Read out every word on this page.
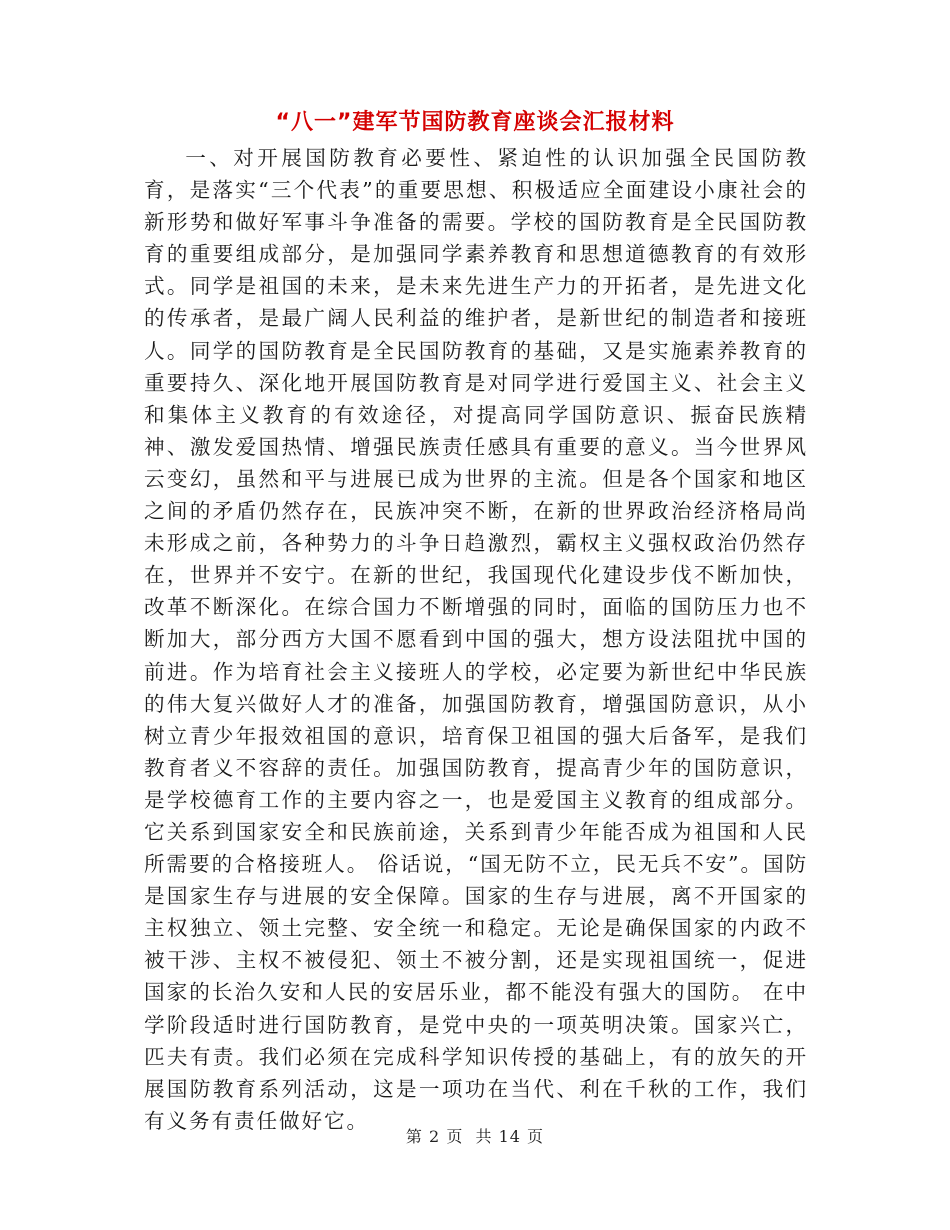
“八一”建军节国防教育座谈会汇报材料

一、对开展国防教育必要性、紧迫性的认识加强全民国防教育，是落实“三个代表”的重要思想、积极适应全面建设小康社会的新形势和做好军事斗争准备的需要。学校的国防教育是全民国防教育的重要组成部分，是加强同学素养教育和思想道德教育的有效形式。同学是祖国的未来，是未来先进生产力的开拓者，是先进文化的传承者，是最广阔人民利益的维护者，是新世纪的制造者和接班人。同学的国防教育是全民国防教育的基础，又是实施素养教育的重要持久、深化地开展国防教育是对同学进行爱国主义、社会主义和集体主义教育的有效途径，对提高同学国防意识、振奋民族精神、激发爱国热情、增强民族责任感具有重要的意义。当今世界风云变幻，虽然和平与进展已成为世界的主流。但是各个国家和地区之间的矛盾仍然存在，民族冲突不断，在新的世界政治经济格局尚未形成之前，各种势力的斗争日趋激烈，霸权主义强权政治仍然存在，世界并不安宁。在新的世纪，我国现代化建设步伐不断加快，改革不断深化。在综合国力不断增强的同时，面临的国防压力也不断加大，部分西方大国不愿看到中国的强大，想方设法阻扰中国的前进。作为培育社会主义接班人的学校，必定要为新世纪中华民族的伟大复兴做好人才的准备，加强国防教育，增强国防意识，从小树立青少年报效祖国的意识，培育保卫祖国的强大后备军，是我们教育者义不容辞的责任。加强国防教育，提高青少年的国防意识，是学校德育工作的主要内容之一，也是爱国主义教育的组成部分。它关系到国家安全和民族前途，关系到青少年能否成为祖国和人民所需要的合格接班人。 俗话说，“国无防不立，民无兵不安”。国防是国家生存与进展的安全保障。国家的生存与进展，离不开国家的主权独立、领土完整、安全统一和稳定。无论是确保国家的内政不被干涉、主权不被侵犯、领土不被分割，还是实现祖国统一，促进国家的长治久安和人民的安居乐业，都不能没有强大的国防。 在中学阶段适时进行国防教育，是党中央的一项英明决策。国家兴亡，匹夫有责。我们必须在完成科学知识传授的基础上，有的放矢的开展国防教育系列活动，这是一项功在当代、利在千秋的工作，我们有义务有责任做好它。

第 2 页  共 14 页
